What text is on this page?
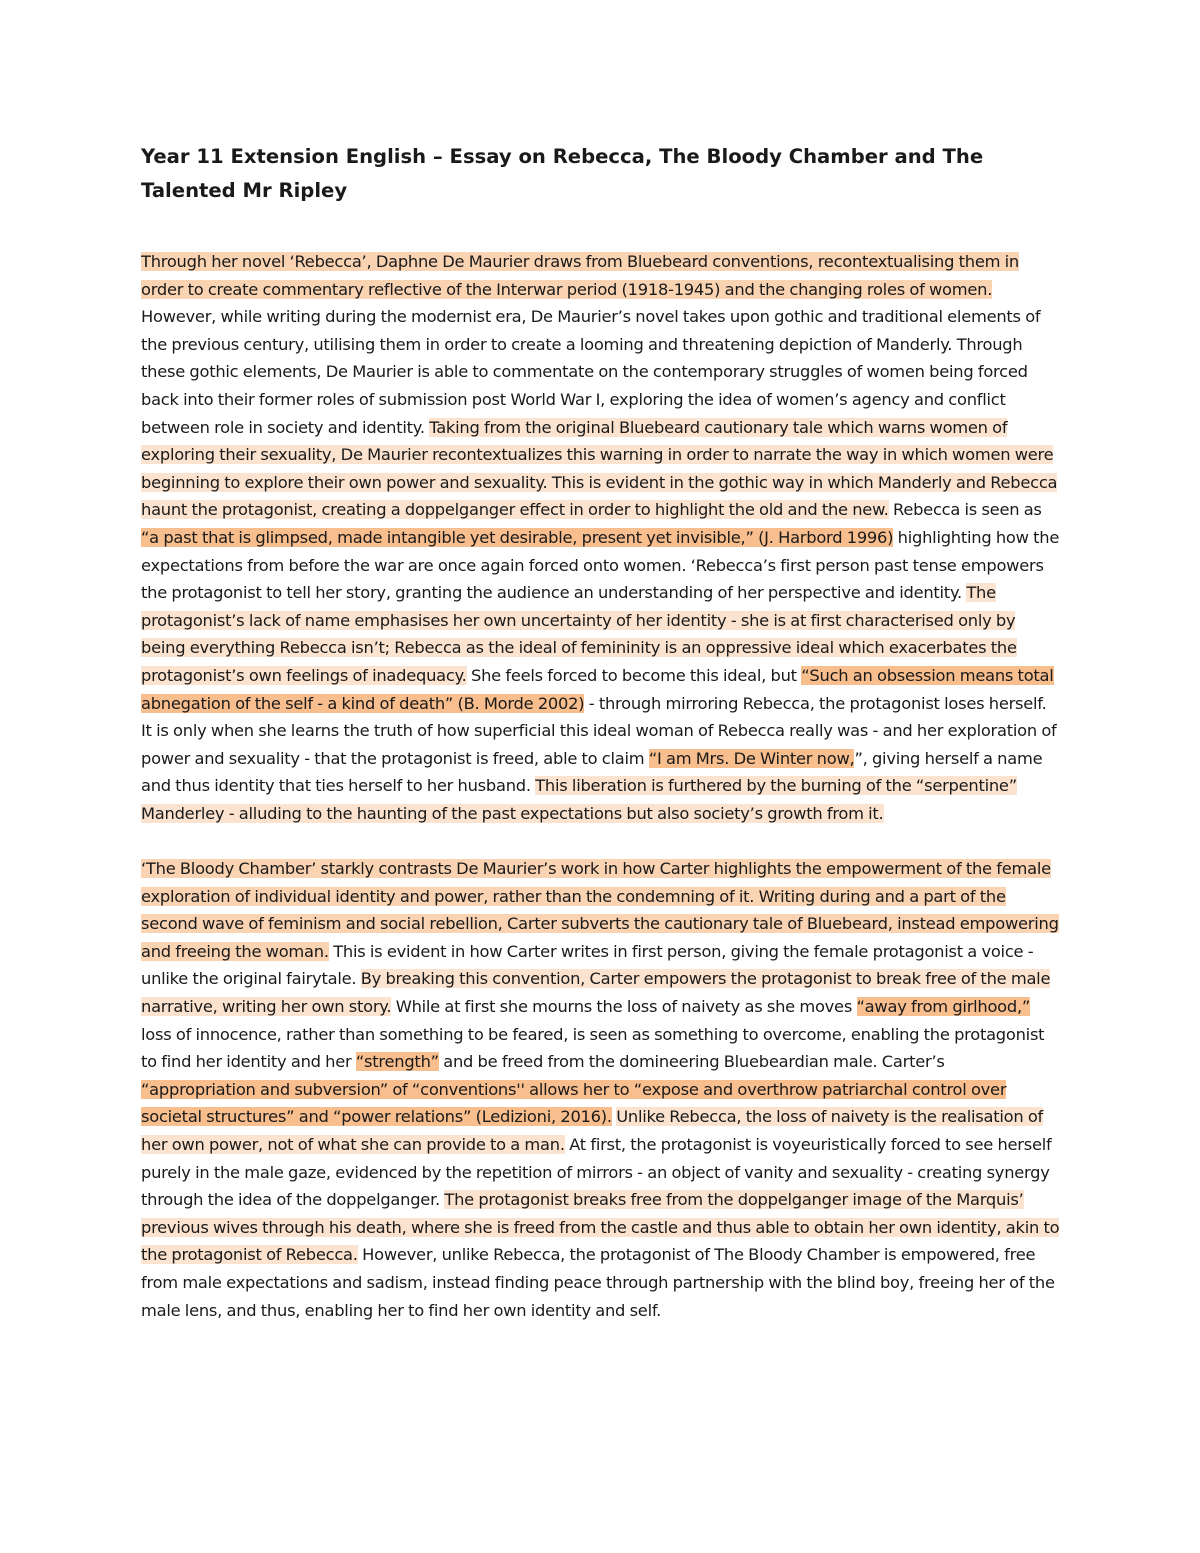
Year 11 Extension English – Essay on Rebecca, The Bloody Chamber and The Talented Mr Ripley

Through her novel ‘Rebecca’, Daphne De Maurier draws from Bluebeard conventions, recontextualising them in order to create commentary reflective of the Interwar period (1918-1945) and the changing roles of women. However, while writing during the modernist era, De Maurier’s novel takes upon gothic and traditional elements of the previous century, utilising them in order to create a looming and threatening depiction of Manderly. Through these gothic elements, De Maurier is able to commentate on the contemporary struggles of women being forced back into their former roles of submission post World War I, exploring the idea of women’s agency and conflict between role in society and identity. Taking from the original Bluebeard cautionary tale which warns women of exploring their sexuality, De Maurier recontextualizes this warning in order to narrate the way in which women were beginning to explore their own power and sexuality. This is evident in the gothic way in which Manderly and Rebecca haunt the protagonist, creating a doppelganger effect in order to highlight the old and the new. Rebecca is seen as “a past that is glimpsed, made intangible yet desirable, present yet invisible,” (J. Harbord 1996) highlighting how the expectations from before the war are once again forced onto women. ‘Rebecca’s first person past tense empowers the protagonist to tell her story, granting the audience an understanding of her perspective and identity. The protagonist’s lack of name emphasises her own uncertainty of her identity - she is at first characterised only by being everything Rebecca isn’t; Rebecca as the ideal of femininity is an oppressive ideal which exacerbates the protagonist’s own feelings of inadequacy. She feels forced to become this ideal, but “Such an obsession means total abnegation of the self - a kind of death” (B. Morde 2002) - through mirroring Rebecca, the protagonist loses herself. It is only when she learns the truth of how superficial this ideal woman of Rebecca really was - and her exploration of power and sexuality - that the protagonist is freed, able to claim “I am Mrs. De Winter now,”, giving herself a name and thus identity that ties herself to her husband. This liberation is furthered by the burning of the “serpentine” Manderley - alluding to the haunting of the past expectations but also society’s growth from it.

‘The Bloody Chamber’ starkly contrasts De Maurier’s work in how Carter highlights the empowerment of the female exploration of individual identity and power, rather than the condemning of it. Writing during and a part of the second wave of feminism and social rebellion, Carter subverts the cautionary tale of Bluebeard, instead empowering and freeing the woman. This is evident in how Carter writes in first person, giving the female protagonist a voice - unlike the original fairytale. By breaking this convention, Carter empowers the protagonist to break free of the male narrative, writing her own story. While at first she mourns the loss of naivety as she moves “away from girlhood,” loss of innocence, rather than something to be feared, is seen as something to overcome, enabling the protagonist to find her identity and her “strength” and be freed from the domineering Bluebeardian male. Carter’s “appropriation and subversion” of “conventions'' allows her to “expose and overthrow patriarchal control over societal structures” and “power relations” (Ledizioni, 2016). Unlike Rebecca, the loss of naivety is the realisation of her own power, not of what she can provide to a man. At first, the protagonist is voyeuristically forced to see herself purely in the male gaze, evidenced by the repetition of mirrors - an object of vanity and sexuality - creating synergy through the idea of the doppelganger. The protagonist breaks free from the doppelganger image of the Marquis’ previous wives through his death, where she is freed from the castle and thus able to obtain her own identity, akin to the protagonist of Rebecca. However, unlike Rebecca, the protagonist of The Bloody Chamber is empowered, free from male expectations and sadism, instead finding peace through partnership with the blind boy, freeing her of the male lens, and thus, enabling her to find her own identity and self.
